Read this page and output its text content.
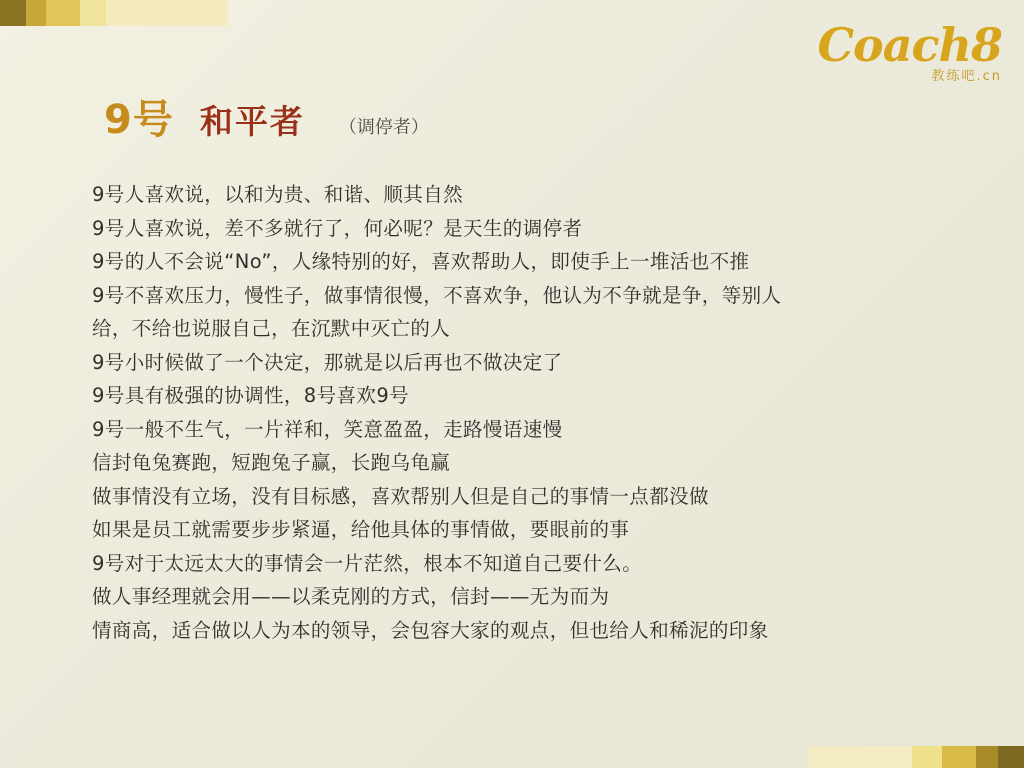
Coach8
教练吧.cn
9号 和平者 （调停者）

9号人喜欢说，以和为贵、和谐、顺其自然

9号人喜欢说，差不多就行了，何必呢？是天生的调停者

9号的人不会说“No”，人缘特别的好，喜欢帮助人，即使手上一堆活也不推

9号不喜欢压力，慢性子，做事情很慢，不喜欢争，他认为不争就是争，等别人

给，不给也说服自己，在沉默中灭亡的人

9号小时候做了一个决定，那就是以后再也不做决定了

9号具有极强的协调性，8号喜欢9号

9号一般不生气，一片祥和，笑意盈盈，走路慢语速慢

信封龟兔赛跑，短跑兔子赢，长跑乌龟赢

做事情没有立场，没有目标感，喜欢帮别人但是自己的事情一点都没做

如果是员工就需要步步紧逼，给他具体的事情做，要眼前的事

9号对于太远太大的事情会一片茫然，根本不知道自己要什么。

做人事经理就会用——以柔克刚的方式，信封——无为而为

情商高，适合做以人为本的领导，会包容大家的观点，但也给人和稀泥的印象
